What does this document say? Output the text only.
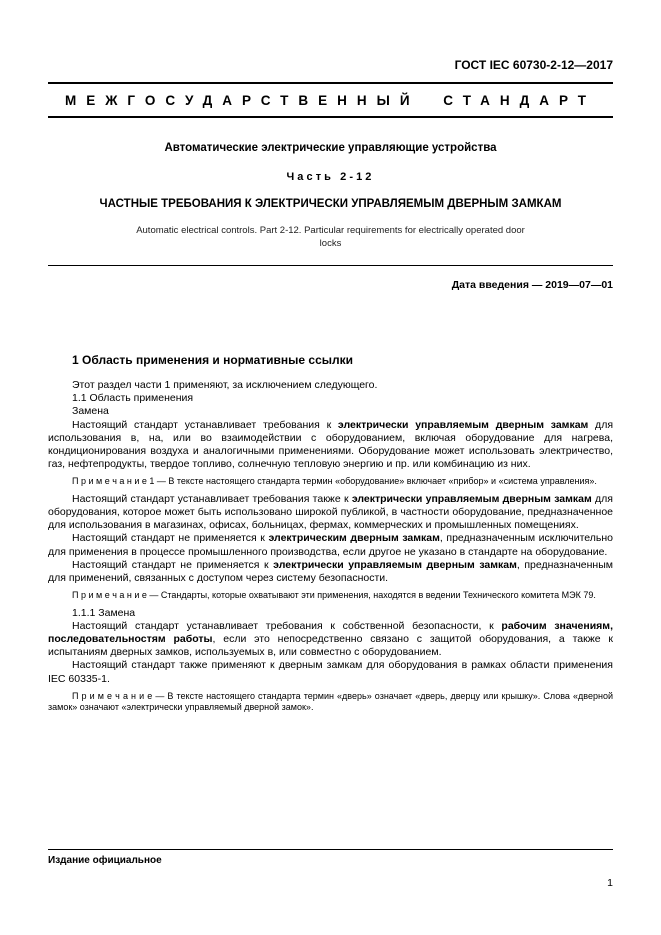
ГОСТ IEC 60730-2-12—2017
МЕЖГОСУДАРСТВЕННЫЙ СТАНДАРТ
Автоматические электрические управляющие устройства
Часть 2-12
ЧАСТНЫЕ ТРЕБОВАНИЯ К ЭЛЕКТРИЧЕСКИ УПРАВЛЯЕМЫМ ДВЕРНЫМ ЗАМКАМ
Automatic electrical controls. Part 2-12. Particular requirements for electrically operated door locks
Дата введения — 2019—07—01
1 Область применения и нормативные ссылки

Этот раздел части 1 применяют, за исключением следующего.

1.1 Область применения

Замена

Настоящий стандарт устанавливает требования к электрически управляемым дверным замкам для использования в, на, или во взаимодействии с оборудованием, включая оборудование для нагрева, кондиционирования воздуха и аналогичными применениями. Оборудование может использовать электричество, газ, нефтепродукты, твердое топливо, солнечную тепловую энергию и пр. или комбинацию из них.

П р и м е ч а н и е 1 — В тексте настоящего стандарта термин «оборудование» включает «прибор» и «система управления».

Настоящий стандарт устанавливает требования также к электрически управляемым дверным замкам для оборудования, которое может быть использовано широкой публикой, в частности оборудование, предназначенное для использования в магазинах, офисах, больницах, фермах, коммерческих и промышленных помещениях.

Настоящий стандарт не применяется к электрическим дверным замкам, предназначенным исключительно для применения в процессе промышленного производства, если другое не указано в стандарте на оборудование.

Настоящий стандарт не применяется к электрически управляемым дверным замкам, предназначенным для применений, связанных с доступом через систему безопасности.

П р и м е ч а н и е — Стандарты, которые охватывают эти применения, находятся в ведении Технического комитета МЭК 79.

1.1.1 Замена

Настоящий стандарт устанавливает требования к собственной безопасности, к рабочим значениям, последовательностям работы, если это непосредственно связано с защитой оборудования, а также к испытаниям дверных замков, используемых в, или совместно с оборудованием.

Настоящий стандарт также применяют к дверным замкам для оборудования в рамках области применения IEC 60335-1.

П р и м е ч а н и е — В тексте настоящего стандарта термин «дверь» означает «дверь, дверцу или крышку». Слова «дверной замок» означают «электрически управляемый дверной замок».

Издание официальное
1
